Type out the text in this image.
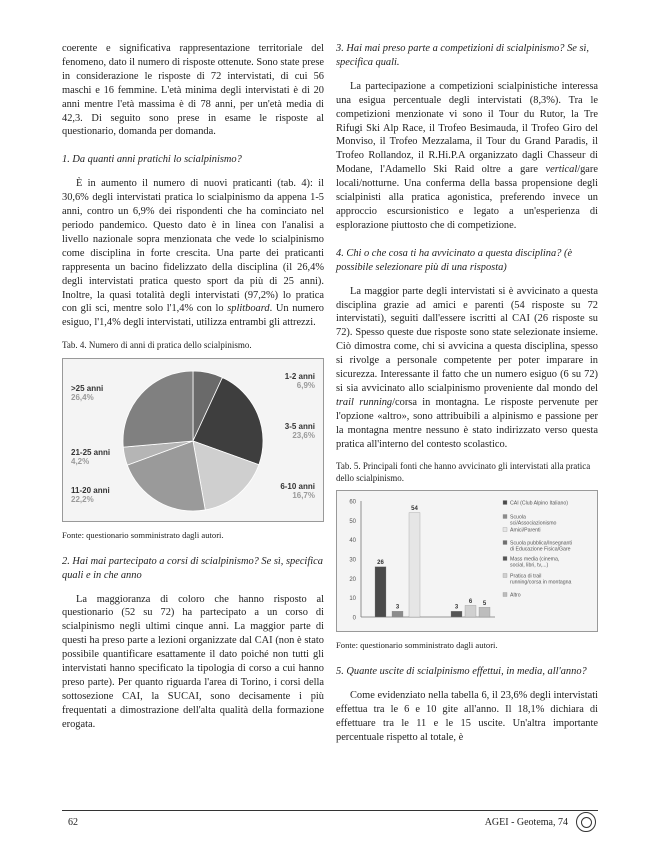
coerente e significativa rappresentazione territoriale del fenomeno, dato il numero di risposte ottenute. Sono state prese in considerazione le risposte di 72 intervistati, di cui 56 maschi e 16 femmine. L'età minima degli intervistati è di 20 anni mentre l'età massima è di 78 anni, per un'età media di 42,3. Di seguito sono prese in esame le risposte al questionario, domanda per domanda.

1. Da quanti anni pratichi lo scialpinismo?

È in aumento il numero di nuovi praticanti (tab. 4): il 30,6% degli intervistati pratica lo scialpinismo da appena 1-5 anni, contro un 6,9% dei rispondenti che ha cominciato nel periodo pandemico. Questo dato è in linea con l'analisi a livello nazionale sopra menzionata che vede lo scialpinismo come disciplina in forte crescita. Una parte dei praticanti rappresenta un bacino fidelizzato della disciplina (il 26,4% degli intervistati pratica questo sport da più di 25 anni). Inoltre, la quasi totalità degli intervistati (97,2%) lo pratica con gli sci, mentre solo l'1,4% con lo splitboard. Un numero esiguo, l'1,4% degli intervistati, utilizza entrambi gli attrezzi.

Tab. 4. Numero di anni di pratica dello scialpinismo.

1-2 anni
6,9%
3-5 anni
23,6%
6-10 anni
16,7%
11-20 anni
22,2%
21-25 anni
4,2%
>25 anni
26,4%

Fonte: questionario somministrato dagli autori.

2. Hai mai partecipato a corsi di scialpinismo? Se sì, specifica quali e in che anno

La maggioranza di coloro che hanno risposto al questionario (52 su 72) ha partecipato a un corso di scialpinismo negli ultimi cinque anni. La maggior parte di questi ha preso parte a lezioni organizzate dal CAI (non è stato possibile quantificare esattamente il dato poiché non tutti gli intervistati hanno specificato la tipologia di corso a cui hanno preso parte). Per quanto riguarda l'area di Torino, i corsi della sottosezione CAI, la SUCAI, sono decisamente i più frequentati a dimostrazione dell'alta qualità della formazione erogata.

3. Hai mai preso parte a competizioni di scialpinismo? Se sì, specifica quali.

La partecipazione a competizioni scialpinistiche interessa una esigua percentuale degli intervistati (8,3%). Tra le competizioni menzionate vi sono il Tour du Rutor, la Tre Rifugi Ski Alp Race, il Trofeo Besimauda, il Trofeo Giro del Monviso, il Trofeo Mezzalama, il Tour du Grand Paradis, il Trofeo Rollandoz, il R.Hi.P.A organizzato dagli Chasseur di Modane, l'Adamello Ski Raid oltre a gare vertical/gare locali/notturne. Una conferma della bassa propensione degli scialpinisti alla pratica agonistica, preferendo invece un approccio escursionistico e legato a un'esperienza di esplorazione piuttosto che di competizione.

4. Chi o che cosa ti ha avvicinato a questa disciplina? (è possibile selezionare più di una risposta)

La maggior parte degli intervistati si è avvicinato a questa disciplina grazie ad amici e parenti (54 risposte su 72 intervistati), seguiti dall'essere iscritti al CAI (26 risposte su 72). Spesso queste due risposte sono state selezionate insieme. Ciò dimostra come, chi si avvicina a questa disciplina, spesso si rivolge a personale competente per poter imparare in sicurezza. Interessante il fatto che un numero esiguo (6 su 72) si sia avvicinato allo scialpinismo proveniente dal mondo del trail running/corsa in montagna. Le risposte pervenute per l'opzione «altro», sono attribuibili a alpinismo e passione per la montagna mentre nessuno è stato indirizzato verso questa pratica all'interno del contesto scolastico.

Tab. 5. Principali fonti che hanno avvicinato gli intervistati alla pratica dello scialpinismo.

0
10
20
30
40
50
60
26
3
54
3
6 5
CAI (Club Alpino Italiano)
Scuola sci/Associazionismo
Amici/Parenti
Scuola pubblica/Insegnanti di Educazione Fisica/Gare
Mass media (cinema, social, libri, tv,...)
Pratica di trail running/corsa in montagna
Altro

Fonte: questionario somministrato dagli autori.

5. Quante uscite di scialpinismo effettui, in media, all'anno?

Come evidenziato nella tabella 6, il 23,6% degli intervistati effettua tra le 6 e 10 gite all'anno. Il 18,1% dichiara di effettuare tra le 11 e le 15 uscite. Un'altra importante percentuale rispetto al totale, è

62	AGEI - Geotema, 74
